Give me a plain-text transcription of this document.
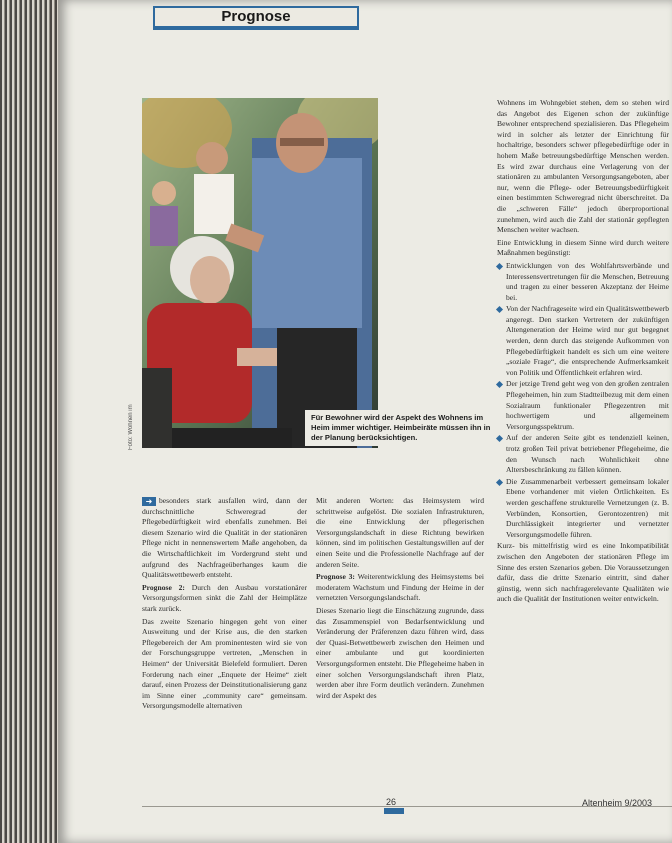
Prognose
Foto: Wohnen im	Für Bewohner wird der Aspekt des Wohnens im Heim immer wichtiger. Heimbeiräte müssen ihn in der Planung berücksichtigen.

➜ besonders stark ausfallen wird, dann der durchschnittliche Schweregrad der Pflegebedürftigkeit wird ebenfalls zunehmen. Bei diesem Szenario wird die Qualität in der stationären Pflege nicht in nennenswertem Maße angehoben, da die Wirtschaftlichkeit im Vordergrund steht und aufgrund des Nachfrageüberhanges kaum die Qualitätswettbewerb entsteht.

Prognose 2: Durch den Ausbau vorstationärer Versorgungsformen sinkt die Zahl der Heimplätze stark zurück.

Das zweite Szenario hingegen geht von einer Ausweitung und der Krise aus, die den starken Pflegebereich der Am prominentesten wird sie von der Forschungsgruppe vertreten, „Menschen in Heimen“ der Universität Bielefeld formuliert. Deren Forderung nach einer „Enquete der Heime“ zielt darauf, einen Prozess der Deinstitutionalisierung ganz im Sinne einer „community care“ gemeinsam. Versorgungsmodelle alternativen

Mit anderen Worten: das Heimsystem wird schrittweise aufgelöst. Die sozialen Infrastrukturen, die eine Entwicklung der pflegerischen Versorgungslandschaft in diese Richtung bewirken können, sind im politischen Gestaltungswillen auf der einen Seite und die Professionelle Nachfrage auf der anderen Seite.

Prognose 3: Weiterentwicklung des Heimsystems bei moderatem Wachstum und Findung der Heime in der vernetzten Versorgungslandschaft.

Dieses Szenario liegt die Einschätzung zugrunde, dass das Zusammenspiel von Bedarfsentwicklung und Veränderung der Präferenzen dazu führen wird, dass der Quasi-Betwettbewerb zwischen den Heimen und einer ambulante und gut koordinierten Versorgungsformen entsteht. Die Pflegeheime haben in einer solchen Versorgungslandschaft ihren Platz, werden aber ihre Form deutlich verändern. Zunehmen wird der Aspekt des

Wohnens im Wohngebiet stehen, dem so stehen wird das Angebot des Eigenen schon der zukünftige Bewohner entsprechend spezialisieren. Das Pflegeheim wird in solcher als letzter der Einrichtung für hochaltrige, besonders schwer pflegebedürftige oder in hohem Maße betreuungsbedürftige Menschen werden. Es wird zwar durchaus eine Verlagerung von der stationären zu ambulanten Versorgungsangeboten, aber nur, wenn die Pflege- oder Betreuungsbedürftigkeit einen bestimmten Schweregrad nicht überschreitet. Da die „schweren Fälle“ jedoch überproportional zunehmen, wird auch die Zahl der stationär gepflegten Menschen weiter wachsen.

Eine Entwicklung in diesem Sinne wird durch weitere Maßnahmen begünstigt:

Entwicklungen von des Wohlfahrtsverbände und Interessensvertretungen für die Menschen, Betreuung und tragen zu einer besseren Akzeptanz der Heime bei.
Von der Nachfrageseite wird ein Qualitätswettbewerb angeregt. Den starken Vertretern der zukünftigen Altengeneration der Heime wird nur gut begegnet werden, denn durch das steigende Aufkommen von Pflegebedürftigkeit handelt es sich um eine weitere „soziale Frage“, die entsprechende Aufmerksamkeit von Politik und Öffentlichkeit erfahren wird.
Der jetzige Trend geht weg von den großen zentralen Pflegeheimen, hin zum Stadtteilbezug mit dem einen Sozialraum funktionaler Pflegezentren mit hochwertigem und allgemeinem Versorgungsspektrum.
Auf der anderen Seite gibt es tendenziell keinen, trotz großen Teil privat betriebener Pflegeheime, die den Wunsch nach Wohnlichkeit ohne Altersbeschränkung zu fällen können.
Die Zusammenarbeit verbessert gemeinsam lokaler Ebene vorhandener mit vielen Örtlichkeiten. Es werden geschaffene strukturelle Vernetzungen (z. B. Verbünden, Konsortien, Gerontozentren) mit Durchlässigkeit integrierter und vernetzter Versorgungsmodelle führen.

Kurz- bis mittelfristig wird es eine Inkompatibilität zwischen den Angeboten der stationären Pflege im Sinne des ersten Szenarios geben. Die Voraussetzungen dafür, dass die dritte Szenario eintritt, sind daher günstig, wenn sich nachfragerelevante Qualitäten wie auch die Qualität der Institutionen weiter entwickeln.

26	Altenheim 9/2003
